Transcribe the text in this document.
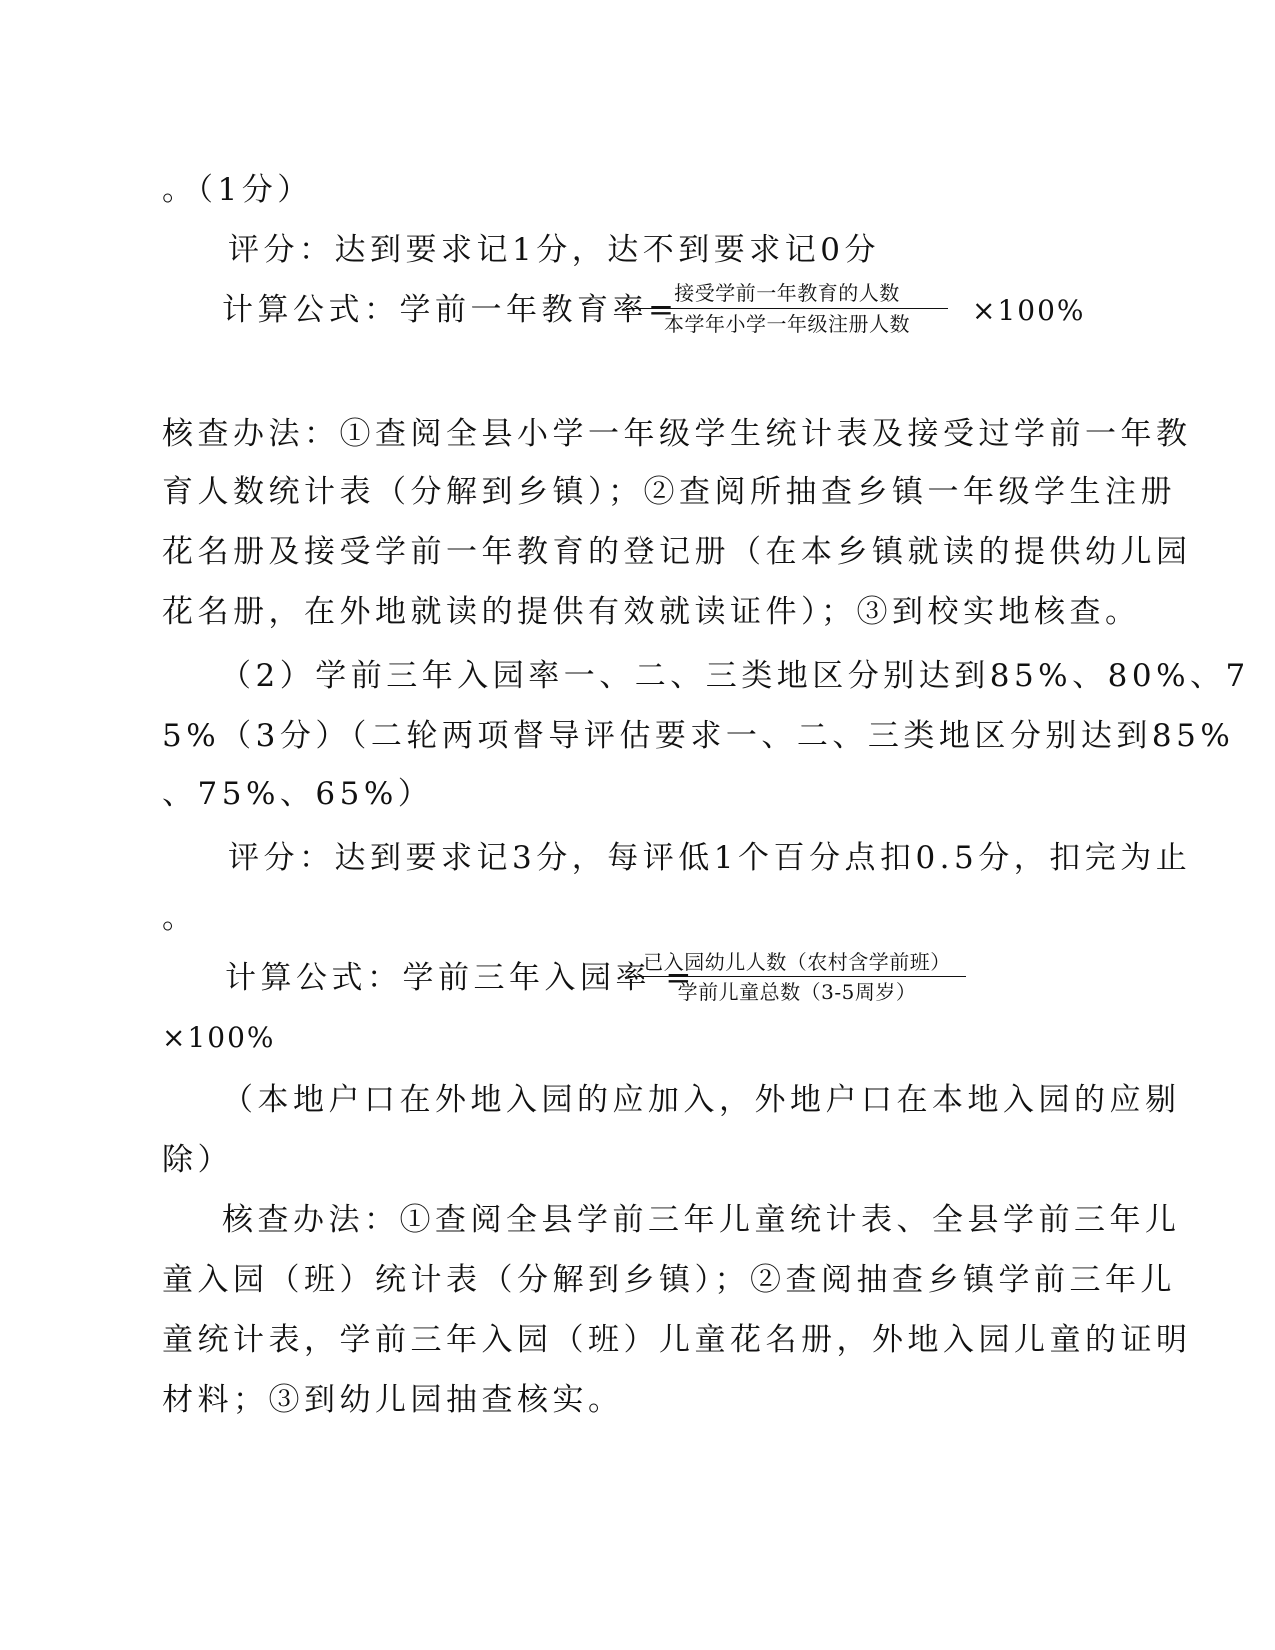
。（1分）
评分：达到要求记1分，达不到要求记0分
计算公式：学前一年教育率=
接受学前一年教育的人数
本学年小学一年级注册人数	×100%
核查办法：①查阅全县小学一年级学生统计表及接受过学前一年教
育人数统计表（分解到乡镇）；②查阅所抽查乡镇一年级学生注册
花名册及接受学前一年教育的登记册（在本乡镇就读的提供幼儿园
花名册，在外地就读的提供有效就读证件）；③到校实地核查。
（2）学前三年入园率一、二、三类地区分别达到85%、80%、7
5%（3分）（二轮两项督导评估要求一、二、三类地区分别达到85%
、75%、65%）
评分：达到要求记3分，每评低1个百分点扣0.5分，扣完为止
。
计算公式：学前三年入园率 =
已入园幼儿人数（农村含学前班）
学前儿童总数（3-5周岁）
×100%
（本地户口在外地入园的应加入，外地户口在本地入园的应剔
除）
核查办法：①查阅全县学前三年儿童统计表、全县学前三年儿
童入园（班）统计表（分解到乡镇）；②查阅抽查乡镇学前三年儿
童统计表，学前三年入园（班）儿童花名册，外地入园儿童的证明
材料；③到幼儿园抽查核实。
